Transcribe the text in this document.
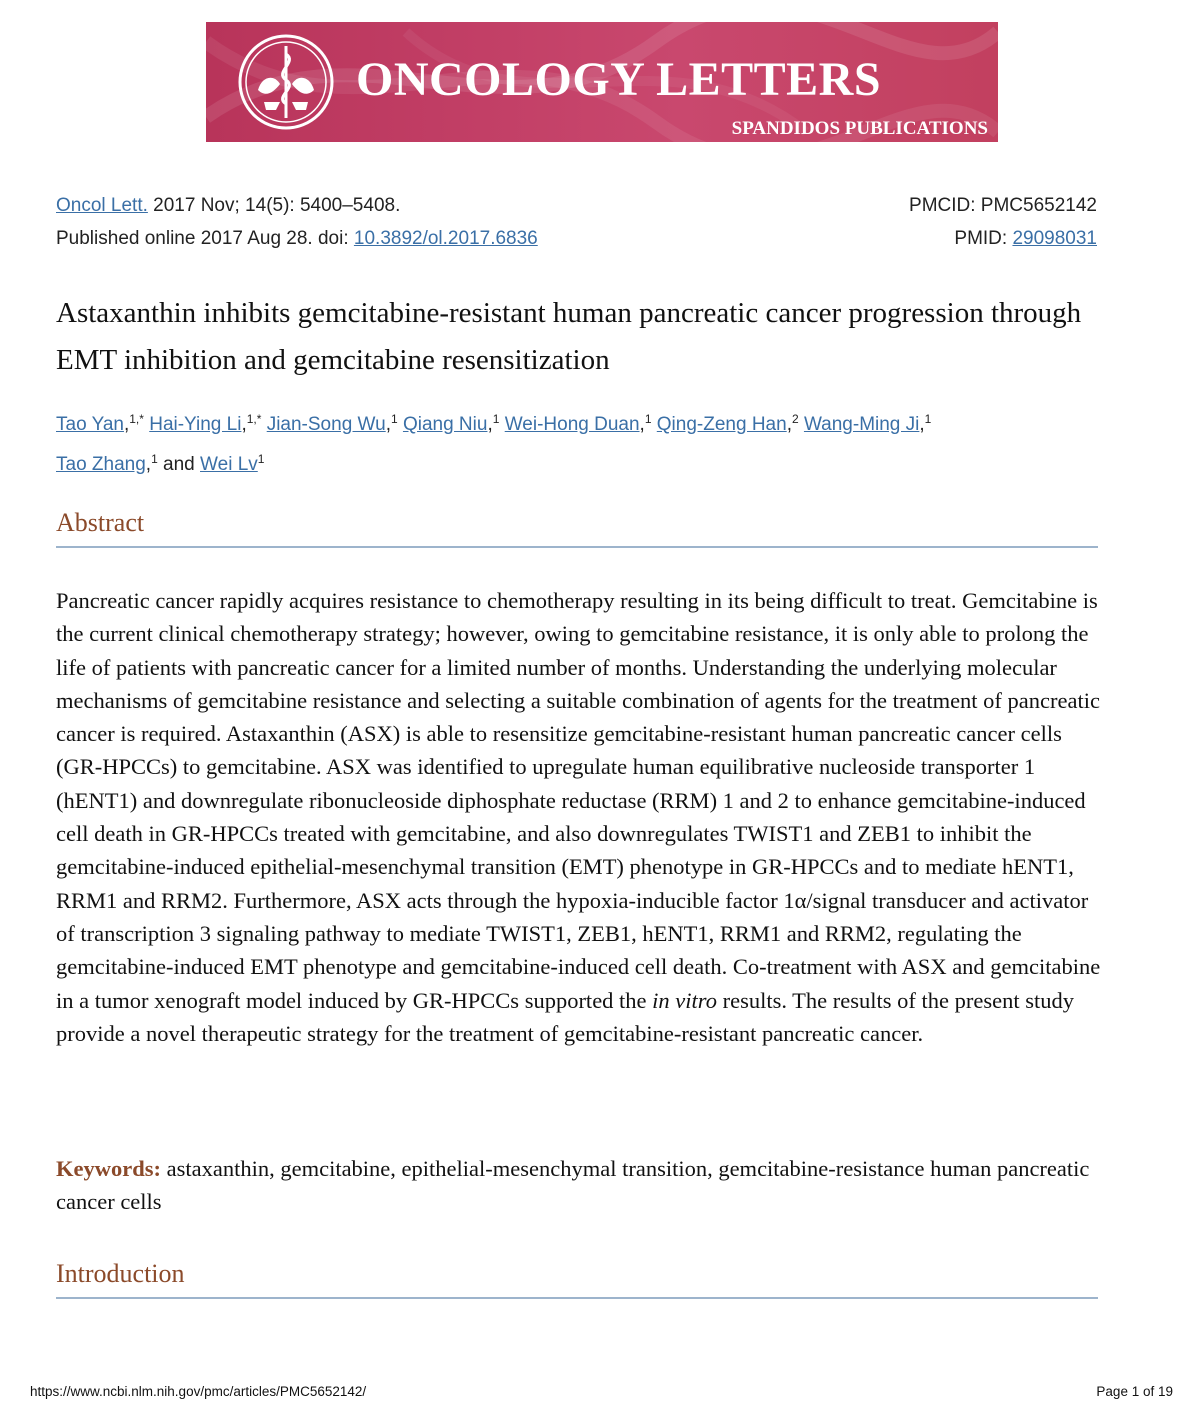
ONCOLOGY LETTERS
SPANDIDOS PUBLICATIONS
Oncol Lett. 2017 Nov; 14(5): 5400–5408.	PMCID: PMC5652142
Published online 2017 Aug 28. doi: 10.3892/ol.2017.6836	PMID: 29098031
Astaxanthin inhibits gemcitabine-resistant human pancreatic cancer progression through EMT inhibition and gemcitabine resensitization
Tao Yan,$^{1,*}$ Hai-Ying Li,$^{1,*}$ Jian-Song Wu,$^1$ Qiang Niu,$^1$ Wei-Hong Duan,$^1$ Qing-Zeng Han,$^2$ Wang-Ming Ji,$^1$
Tao Zhang,$^1$ and Wei Lv$^1$
Abstract
Pancreatic cancer rapidly acquires resistance to chemotherapy resulting in its being difficult to treat. Gemcitabine is the current clinical chemotherapy strategy; however, owing to gemcitabine resistance, it is only able to prolong the life of patients with pancreatic cancer for a limited number of months. Understanding the underlying molecular mechanisms of gemcitabine resistance and selecting a suitable combination of agents for the treatment of pancreatic cancer is required. Astaxanthin (ASX) is able to resensitize gemcitabine-resistant human pancreatic cancer cells (GR-HPCCs) to gemcitabine. ASX was identified to upregulate human equilibrative nucleoside transporter 1 (hENT1) and downregulate ribonucleoside diphosphate reductase (RRM) 1 and 2 to enhance gemcitabine-induced cell death in GR-HPCCs treated with gemcitabine, and also downregulates TWIST1 and ZEB1 to inhibit the gemcitabine-induced epithelial-mesenchymal transition (EMT) phenotype in GR-HPCCs and to mediate hENT1, RRM1 and RRM2. Furthermore, ASX acts through the hypoxia-inducible factor 1α/signal transducer and activator of transcription 3 signaling pathway to mediate TWIST1, ZEB1, hENT1, RRM1 and RRM2, regulating the gemcitabine-induced EMT phenotype and gemcitabine-induced cell death. Co-treatment with ASX and gemcitabine in a tumor xenograft model induced by GR-HPCCs supported the in vitro results. The results of the present study provide a novel therapeutic strategy for the treatment of gemcitabine-resistant pancreatic cancer.
Keywords: astaxanthin, gemcitabine, epithelial-mesenchymal transition, gemcitabine-resistance human pancreatic cancer cells
Introduction
https://www.ncbi.nlm.nih.gov/pmc/articles/PMC5652142/	Page 1 of 19
